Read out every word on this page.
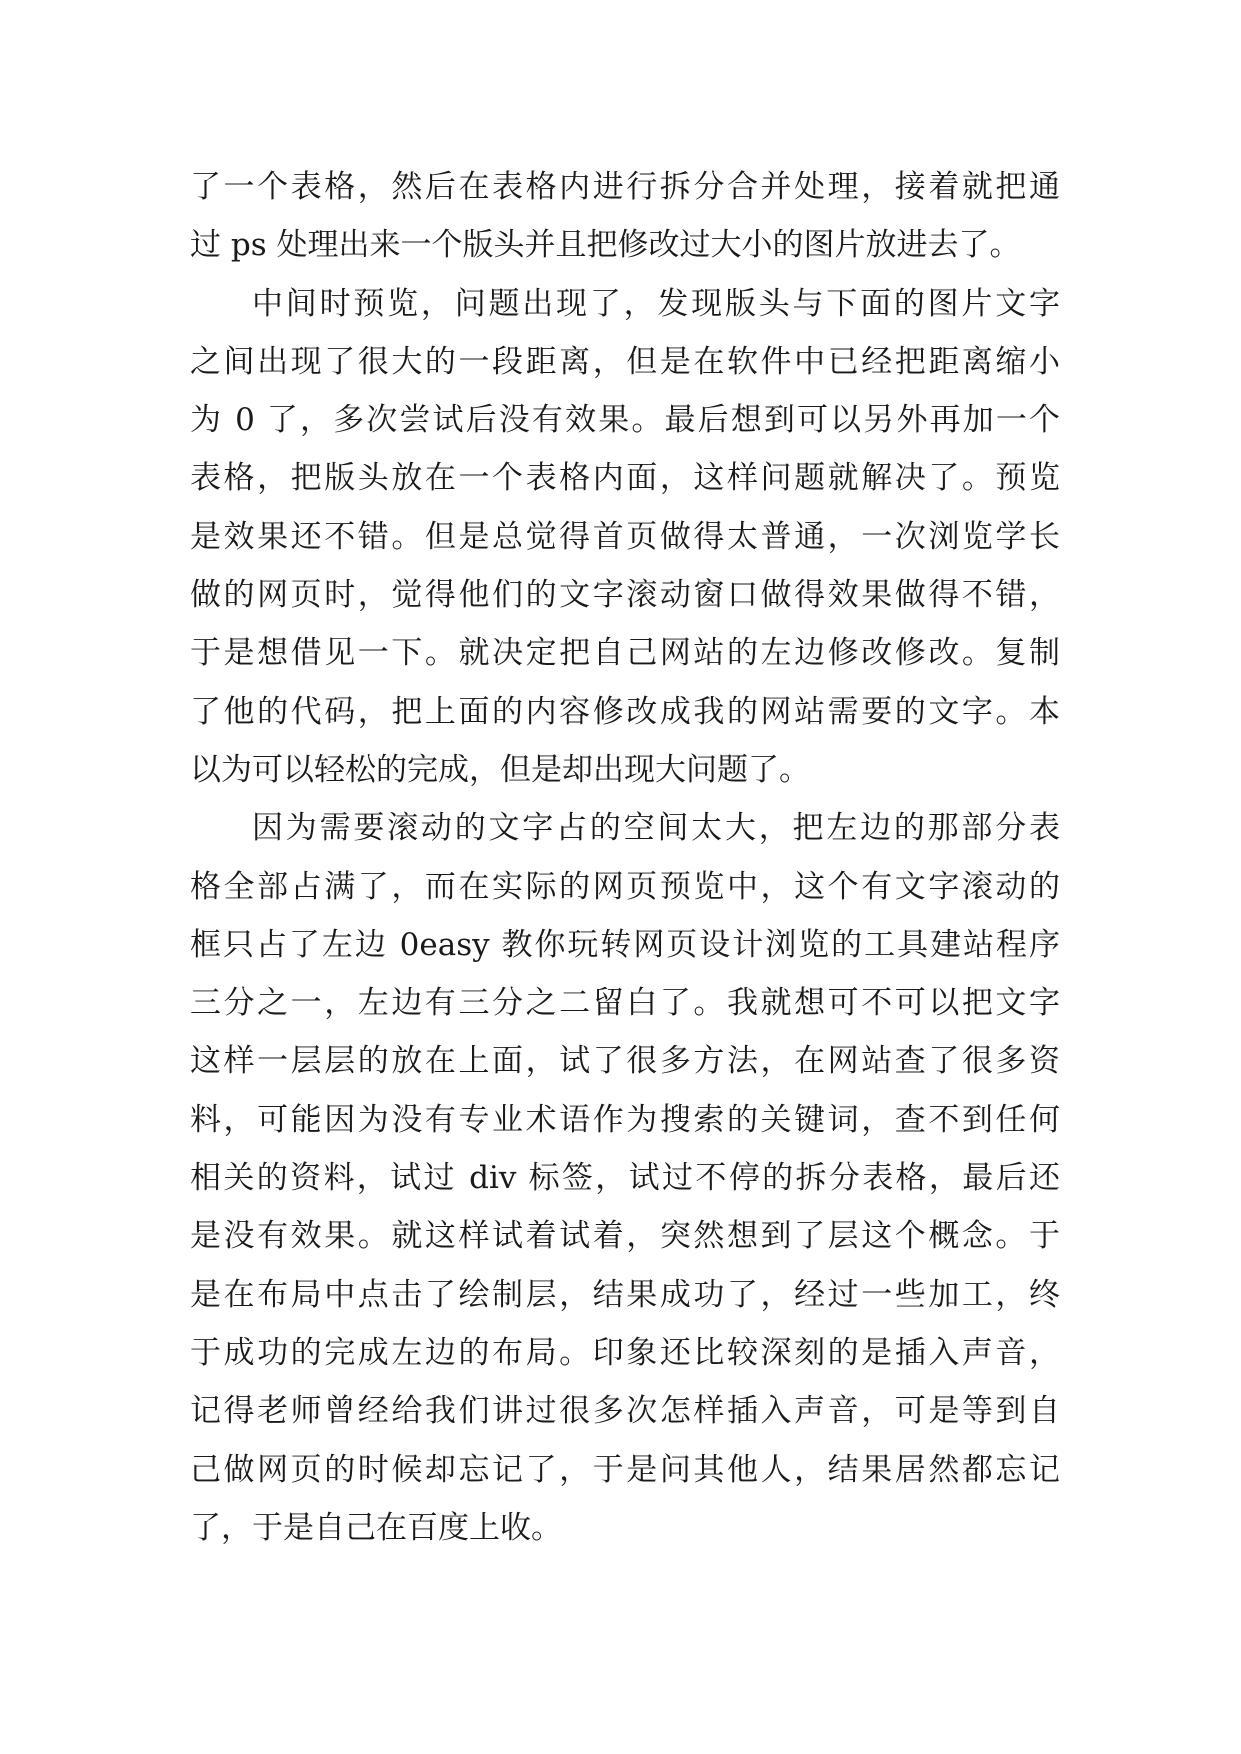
了一个表格，然后在表格内进行拆分合并处理，接着就把通
过 ps 处理出来一个版头并且把修改过大小的图片放进去了。
中间时预览，问题出现了，发现版头与下面的图片文字
之间出现了很大的一段距离，但是在软件中已经把距离缩小
为 0 了，多次尝试后没有效果。最后想到可以另外再加一个
表格，把版头放在一个表格内面，这样问题就解决了。预览
是效果还不错。但是总觉得首页做得太普通，一次浏览学长
做的网页时，觉得他们的文字滚动窗口做得效果做得不错，
于是想借见一下。就决定把自己网站的左边修改修改。复制
了他的代码，把上面的内容修改成我的网站需要的文字。本
以为可以轻松的完成，但是却出现大问题了。
因为需要滚动的文字占的空间太大，把左边的那部分表
格全部占满了，而在实际的网页预览中，这个有文字滚动的
框只占了左边 0easy 教你玩转网页设计浏览的工具建站程序
三分之一，左边有三分之二留白了。我就想可不可以把文字
这样一层层的放在上面，试了很多方法，在网站查了很多资
料，可能因为没有专业术语作为搜索的关键词，查不到任何
相关的资料，试过 div 标签，试过不停的拆分表格，最后还
是没有效果。就这样试着试着，突然想到了层这个概念。于
是在布局中点击了绘制层，结果成功了，经过一些加工，终
于成功的完成左边的布局。印象还比较深刻的是插入声音，
记得老师曾经给我们讲过很多次怎样插入声音，可是等到自
己做网页的时候却忘记了，于是问其他人，结果居然都忘记
了，于是自己在百度上收。
